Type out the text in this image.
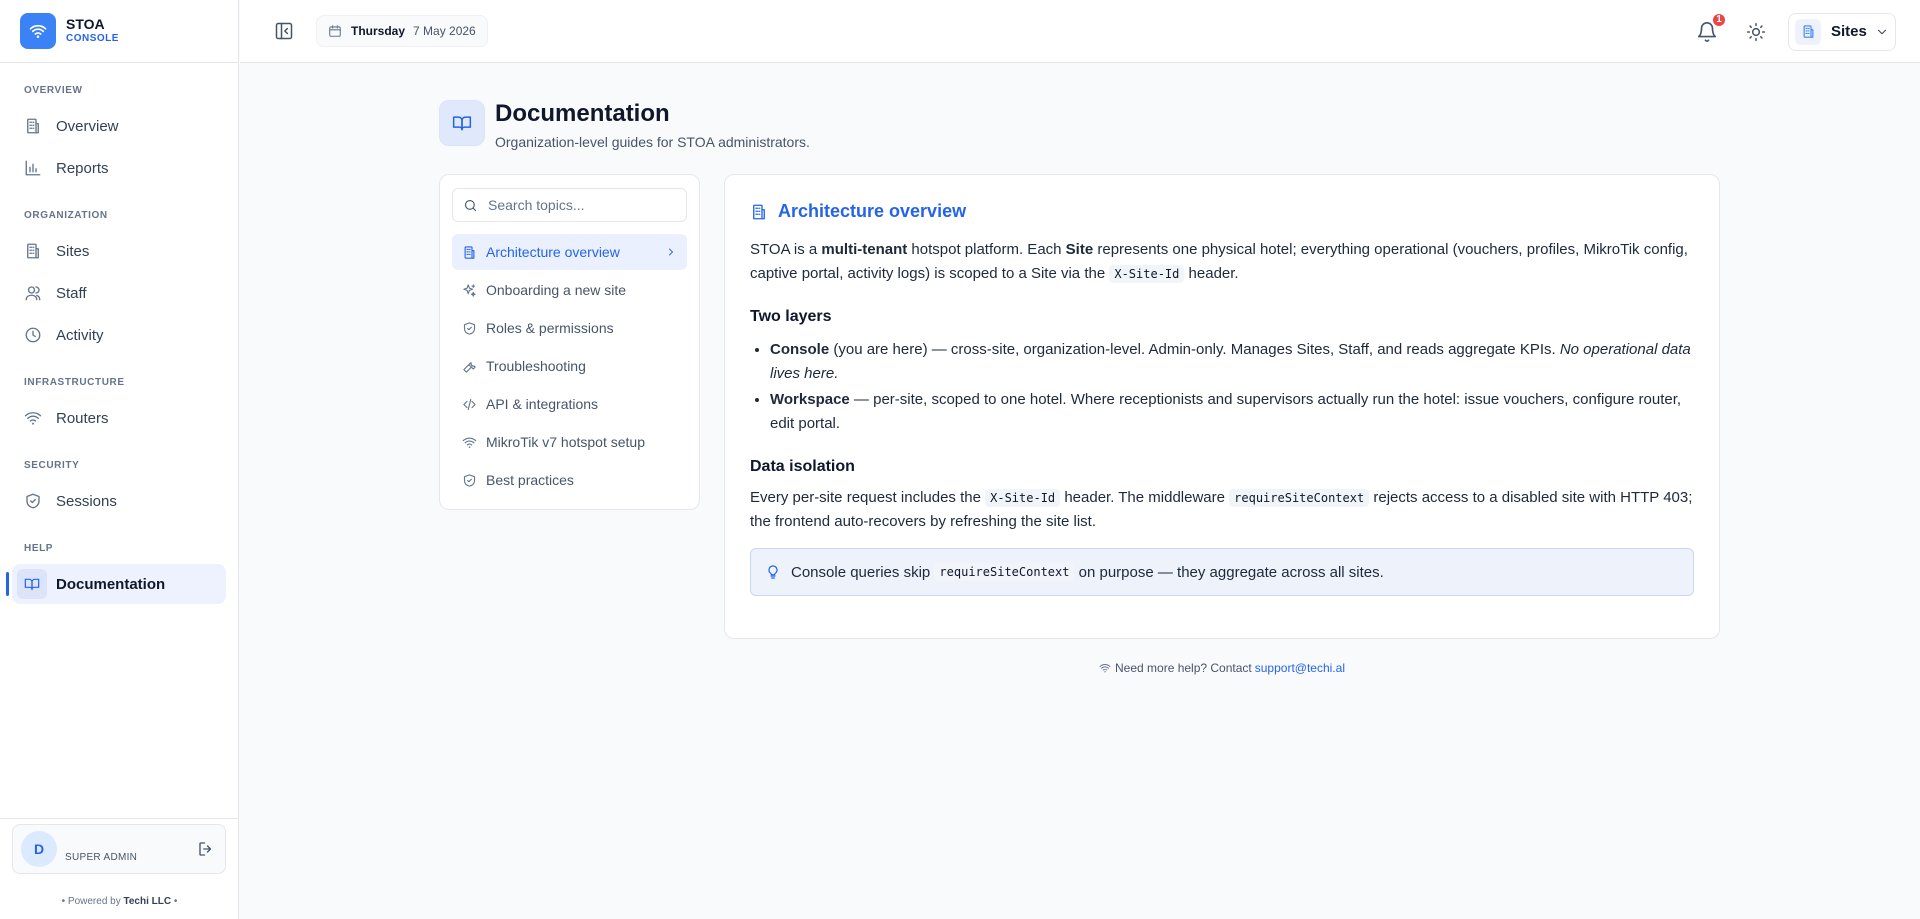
STOA
CONSOLE
OVERVIEW
Overview
Reports
ORGANIZATION
Sites
Staff
Activity
INFRASTRUCTURE
Routers
SECURITY
Sessions
HELP
Documentation
D	SUPER ADMIN
• Powered by Techi LLC •
Thursday 7 May 2026
1
Sites
Documentation
Organization-level guides for STOA administrators.
Search topics...
Architecture overview
Onboarding a new site
Roles & permissions
Troubleshooting
API & integrations
MikroTik v7 hotspot setup
Best practices
Architecture overview

STOA is a multi-tenant hotspot platform. Each Site represents one physical hotel; everything operational (vouchers, profiles, MikroTik config, captive portal, activity logs) is scoped to a Site via the X-Site-Id header.

Two layers
• Console (you are here) — cross-site, organization-level. Admin-only. Manages Sites, Staff, and reads aggregate KPIs. No operational data lives here.
• Workspace — per-site, scoped to one hotel. Where receptionists and supervisors actually run the hotel: issue vouchers, configure router, edit portal.
Data isolation

Every per-site request includes the X-Site-Id header. The middleware requireSiteContext rejects access to a disabled site with HTTP 403; the frontend auto-recovers by refreshing the site list.

Console queries skip
requireSiteContext
on purpose — they aggregate across all sites.
Need more help? Contact support@techi.al
